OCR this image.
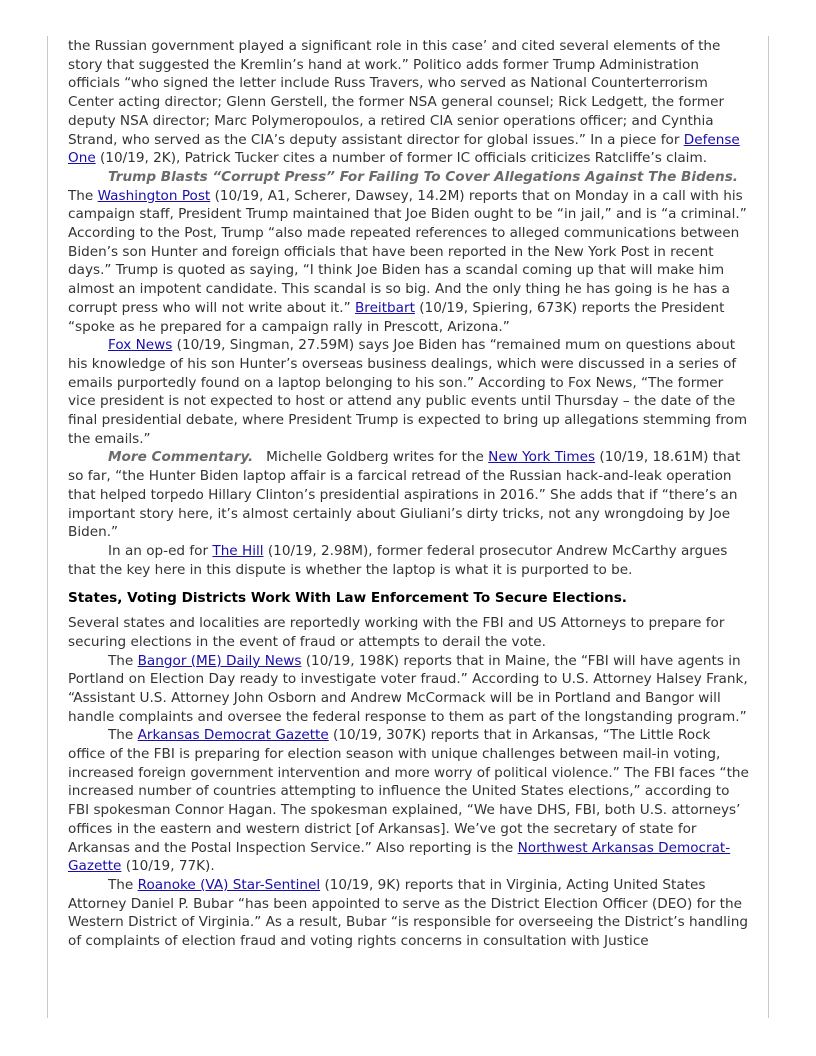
the Russian government played a significant role in this case’ and cited several elements of the story that suggested the Kremlin’s hand at work.” Politico adds former Trump Administration officials “who signed the letter include Russ Travers, who served as National Counterterrorism Center acting director; Glenn Gerstell, the former NSA general counsel; Rick Ledgett, the former deputy NSA director; Marc Polymeropoulos, a retired CIA senior operations officer; and Cynthia Strand, who served as the CIA’s deputy assistant director for global issues.” In a piece for Defense One (10/19, 2K), Patrick Tucker cites a number of former IC officials criticizes Ratcliffe’s claim.

Trump Blasts “Corrupt Press” For Failing To Cover Allegations Against The Bidens.   The Washington Post (10/19, A1, Scherer, Dawsey, 14.2M) reports that on Monday in a call with his campaign staff, President Trump maintained that Joe Biden ought to be “in jail,” and is “a criminal.” According to the Post, Trump “also made repeated references to alleged communications between Biden’s son Hunter and foreign officials that have been reported in the New York Post in recent days.” Trump is quoted as saying, “I think Joe Biden has a scandal coming up that will make him almost an impotent candidate. This scandal is so big. And the only thing he has going is he has a corrupt press who will not write about it.” Breitbart (10/19, Spiering, 673K) reports the President “spoke as he prepared for a campaign rally in Prescott, Arizona.”

Fox News (10/19, Singman, 27.59M) says Joe Biden has “remained mum on questions about his knowledge of his son Hunter’s overseas business dealings, which were discussed in a series of emails purportedly found on a laptop belonging to his son.” According to Fox News, “The former vice president is not expected to host or attend any public events until Thursday – the date of the final presidential debate, where President Trump is expected to bring up allegations stemming from the emails.”

More Commentary.   Michelle Goldberg writes for the New York Times (10/19, 18.61M) that so far, “the Hunter Biden laptop affair is a farcical retread of the Russian hack-and-leak operation that helped torpedo Hillary Clinton’s presidential aspirations in 2016.” She adds that if “there’s an important story here, it’s almost certainly about Giuliani’s dirty tricks, not any wrongdoing by Joe Biden.”

In an op-ed for The Hill (10/19, 2.98M), former federal prosecutor Andrew McCarthy argues that the key here in this dispute is whether the laptop is what it is purported to be.

States, Voting Districts Work With Law Enforcement To Secure Elections.

Several states and localities are reportedly working with the FBI and US Attorneys to prepare for securing elections in the event of fraud or attempts to derail the vote.

The Bangor (ME) Daily News (10/19, 198K) reports that in Maine, the “FBI will have agents in Portland on Election Day ready to investigate voter fraud.” According to U.S. Attorney Halsey Frank, “Assistant U.S. Attorney John Osborn and Andrew McCormack will be in Portland and Bangor will handle complaints and oversee the federal response to them as part of the longstanding program.”

The Arkansas Democrat Gazette (10/19, 307K) reports that in Arkansas, “The Little Rock office of the FBI is preparing for election season with unique challenges between mail-in voting, increased foreign government intervention and more worry of political violence.” The FBI faces “the increased number of countries attempting to influence the United States elections,” according to FBI spokesman Connor Hagan. The spokesman explained, “We have DHS, FBI, both U.S. attorneys’ offices in the eastern and western district [of Arkansas]. We’ve got the secretary of state for Arkansas and the Postal Inspection Service.” Also reporting is the Northwest Arkansas Democrat-Gazette (10/19, 77K).

The Roanoke (VA) Star-Sentinel (10/19, 9K) reports that in Virginia, Acting United States Attorney Daniel P. Bubar “has been appointed to serve as the District Election Officer (DEO) for the Western District of Virginia.” As a result, Bubar “is responsible for overseeing the District’s handling of complaints of election fraud and voting rights concerns in consultation with Justice
